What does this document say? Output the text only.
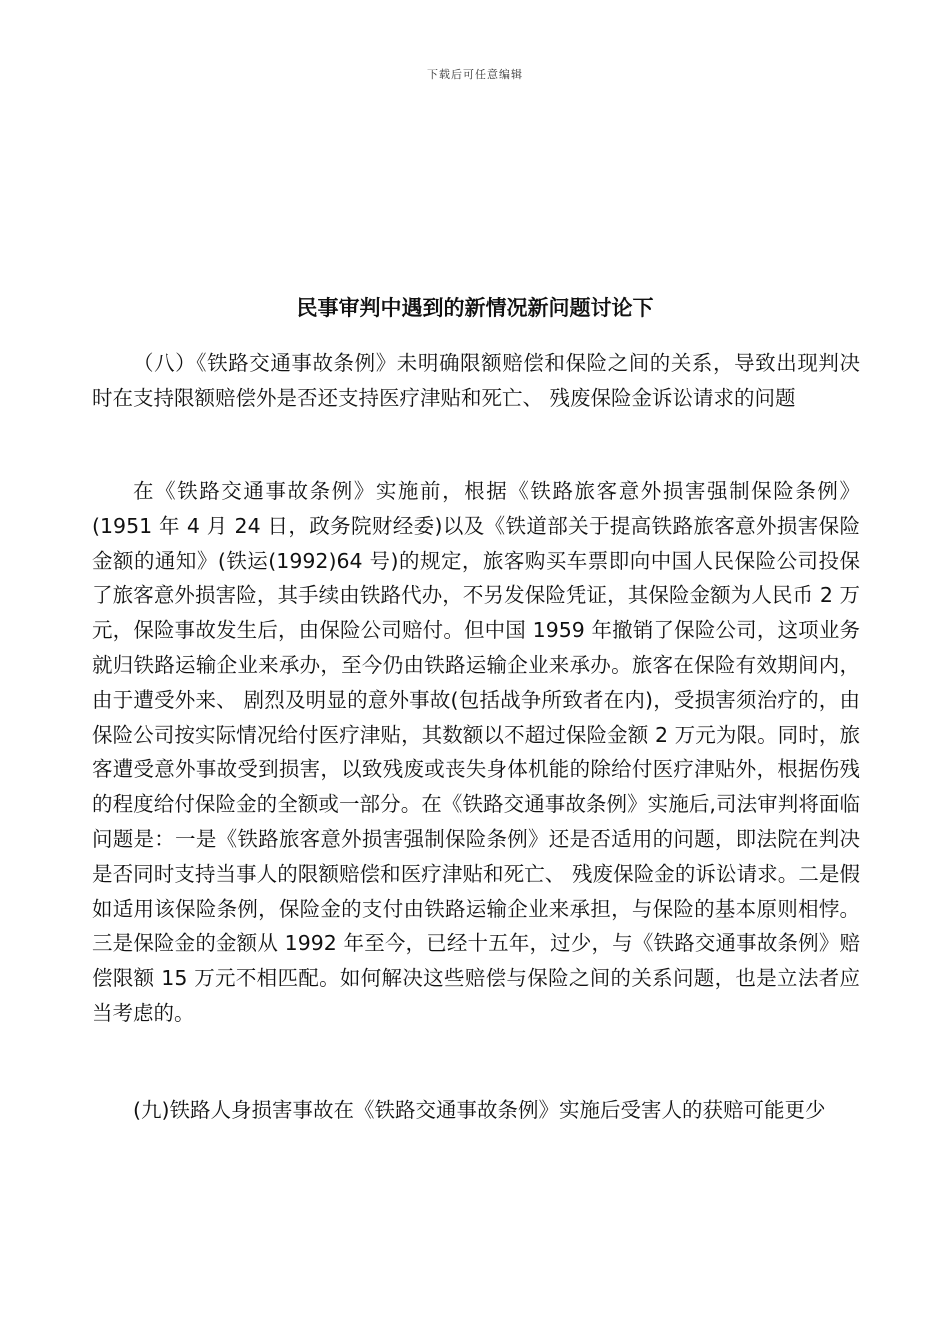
下载后可任意编辑
民事审判中遇到的新情况新问题讨论下

（八）《铁路交通事故条例》未明确限额赔偿和保险之间的关系，导致出现判决时在支持限额赔偿外是否还支持医疗津贴和死亡、 残废保险金诉讼请求的问题

在《铁路交通事故条例》实施前，根据《铁路旅客意外损害强制保险条例》(1951 年 4 月 24 日，政务院财经委)以及《铁道部关于提高铁路旅客意外损害保险金额的通知》(铁运(1992)64 号)的规定，旅客购买车票即向中国人民保险公司投保了旅客意外损害险，其手续由铁路代办，不另发保险凭证，其保险金额为人民币 2 万元，保险事故发生后，由保险公司赔付。但中国 1959 年撤销了保险公司，这项业务就归铁路运输企业来承办，至今仍由铁路运输企业来承办。旅客在保险有效期间内，由于遭受外来、 剧烈及明显的意外事故(包括战争所致者在内)，受损害须治疗的，由保险公司按实际情况给付医疗津贴，其数额以不超过保险金额 2 万元为限。同时，旅客遭受意外事故受到损害，以致残废或丧失身体机能的除给付医疗津贴外，根据伤残的程度给付保险金的全额或一部分。在《铁路交通事故条例》实施后,司法审判将面临问题是：一是《铁路旅客意外损害强制保险条例》还是否适用的问题，即法院在判决是否同时支持当事人的限额赔偿和医疗津贴和死亡、 残废保险金的诉讼请求。二是假如适用该保险条例，保险金的支付由铁路运输企业来承担，与保险的基本原则相悖。三是保险金的金额从 1992 年至今，已经十五年，过少，与《铁路交通事故条例》赔偿限额 15 万元不相匹配。如何解决这些赔偿与保险之间的关系问题，也是立法者应当考虑的。

(九)铁路人身损害事故在《铁路交通事故条例》实施后受害人的获赔可能更少
